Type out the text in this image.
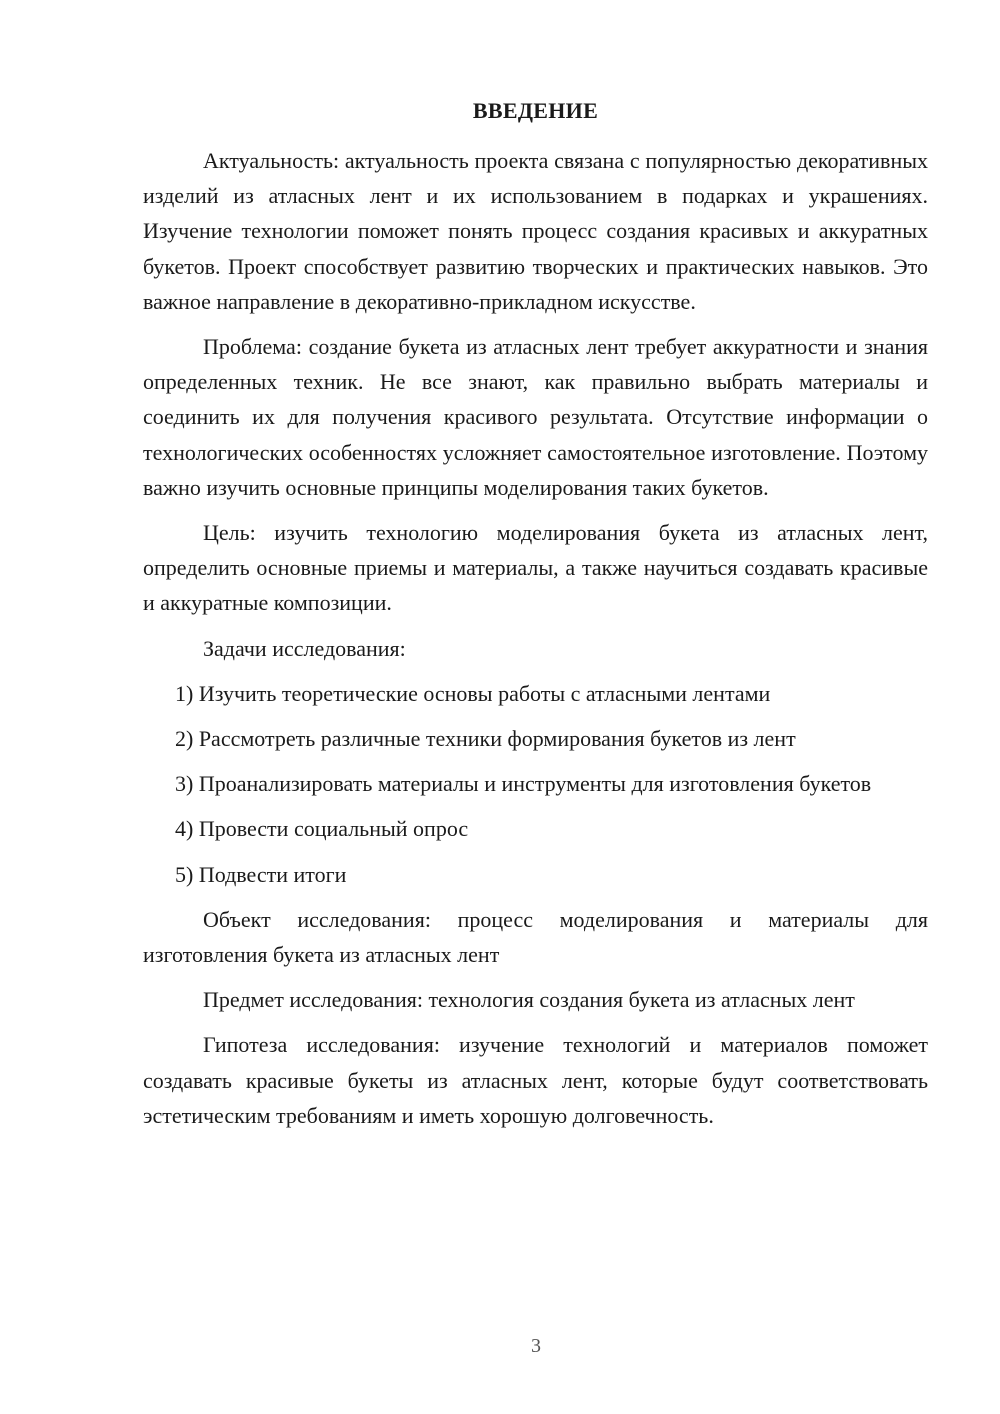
ВВЕДЕНИЕ

Актуальность: актуальность проекта связана с популярностью декоративных изделий из атласных лент и их использованием в подарках и украшениях. Изучение технологии поможет понять процесс создания красивых и аккуратных букетов. Проект способствует развитию творческих и практических навыков. Это важное направление в декоративно-прикладном искусстве.

Проблема: создание букета из атласных лент требует аккуратности и знания определенных техник. Не все знают, как правильно выбрать материалы и соединить их для получения красивого результата. Отсутствие информации о технологических особенностях усложняет самостоятельное изготовление. Поэтому важно изучить основные принципы моделирования таких букетов.

Цель: изучить технологию моделирования букета из атласных лент, определить основные приемы и материалы, а также научиться создавать красивые и аккуратные композиции.

Задачи исследования:

1) Изучить теоретические основы работы с атласными лентами

2) Рассмотреть различные техники формирования букетов из лент

3) Проанализировать материалы и инструменты для изготовления букетов

4) Провести социальный опрос

5) Подвести итоги

Объект исследования: процесс моделирования и материалы для изготовления букета из атласных лент

Предмет исследования: технология создания букета из атласных лент

Гипотеза исследования: изучение технологий и материалов поможет создавать красивые букеты из атласных лент, которые будут соответствовать эстетическим требованиям и иметь хорошую долговечность.

3
